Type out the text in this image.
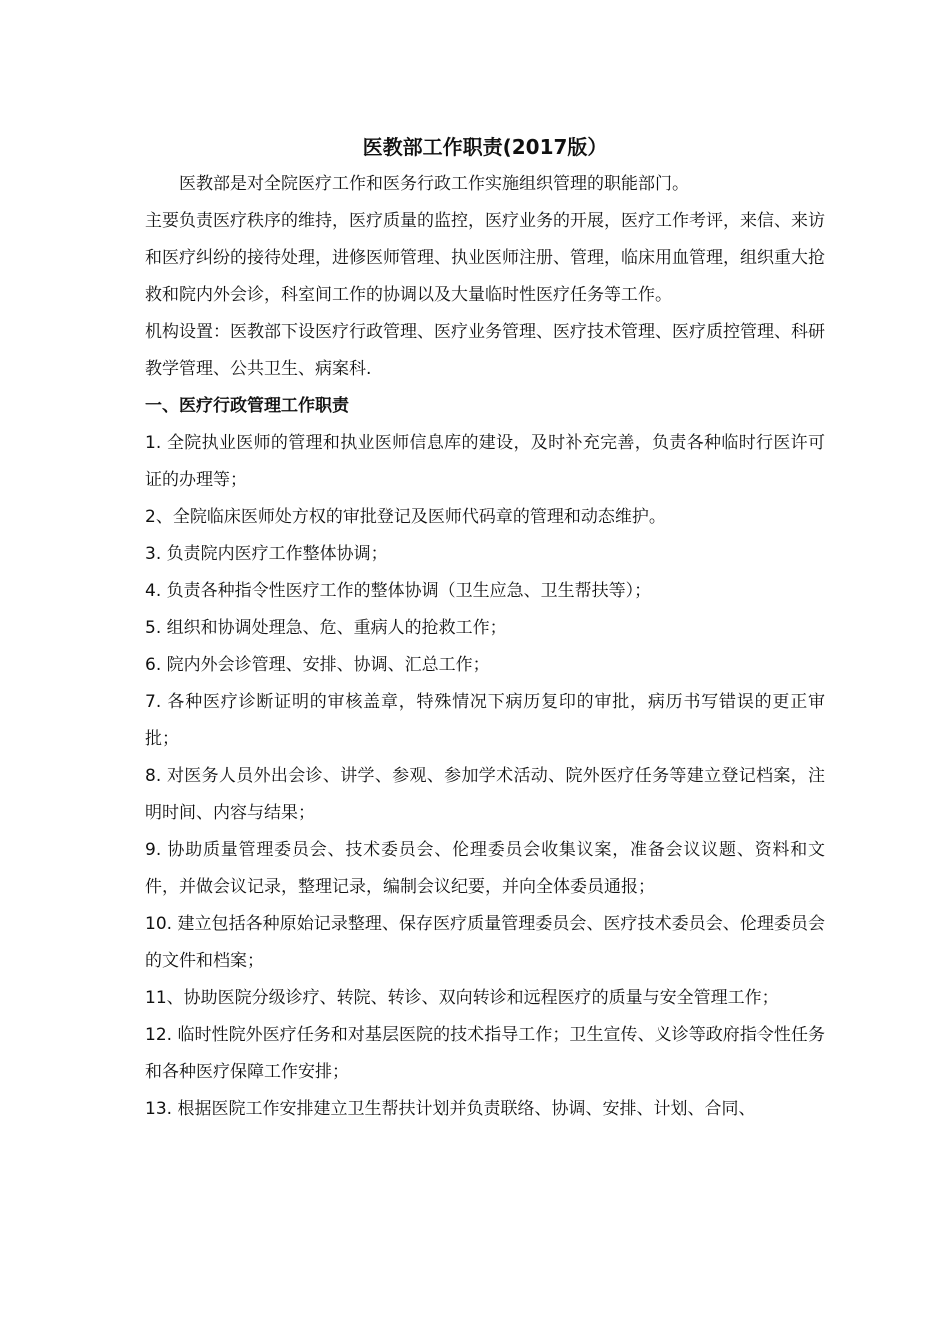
医教部工作职责(2017版）

医教部是对全院医疗工作和医务行政工作实施组织管理的职能部门。

主要负责医疗秩序的维持，医疗质量的监控，医疗业务的开展，医疗工作考评，来信、来访和医疗纠纷的接待处理，进修医师管理、执业医师注册、管理，临床用血管理，组织重大抢救和院内外会诊，科室间工作的协调以及大量临时性医疗任务等工作。

机构设置：医教部下设医疗行政管理、医疗业务管理、医疗技术管理、医疗质控管理、科研教学管理、公共卫生、病案科.

一、医疗行政管理工作职责

1. 全院执业医师的管理和执业医师信息库的建设，及时补充完善，负责各种临时行医许可证的办理等；

2、全院临床医师处方权的审批登记及医师代码章的管理和动态维护。

3. 负责院内医疗工作整体协调；

4. 负责各种指令性医疗工作的整体协调（卫生应急、卫生帮扶等）；

5. 组织和协调处理急、危、重病人的抢救工作；

6. 院内外会诊管理、安排、协调、汇总工作；

7. 各种医疗诊断证明的审核盖章，特殊情况下病历复印的审批，病历书写错误的更正审批；

8. 对医务人员外出会诊、讲学、参观、参加学术活动、院外医疗任务等建立登记档案，注明时间、内容与结果；

9. 协助质量管理委员会、技术委员会、伦理委员会收集议案，准备会议议题、资料和文件，并做会议记录，整理记录，编制会议纪要，并向全体委员通报；

10. 建立包括各种原始记录整理、保存医疗质量管理委员会、医疗技术委员会、伦理委员会的文件和档案；

11、协助医院分级诊疗、转院、转诊、双向转诊和远程医疗的质量与安全管理工作；

12. 临时性院外医疗任务和对基层医院的技术指导工作；卫生宣传、义诊等政府指令性任务和各种医疗保障工作安排；

13. 根据医院工作安排建立卫生帮扶计划并负责联络、协调、安排、计划、合同、
